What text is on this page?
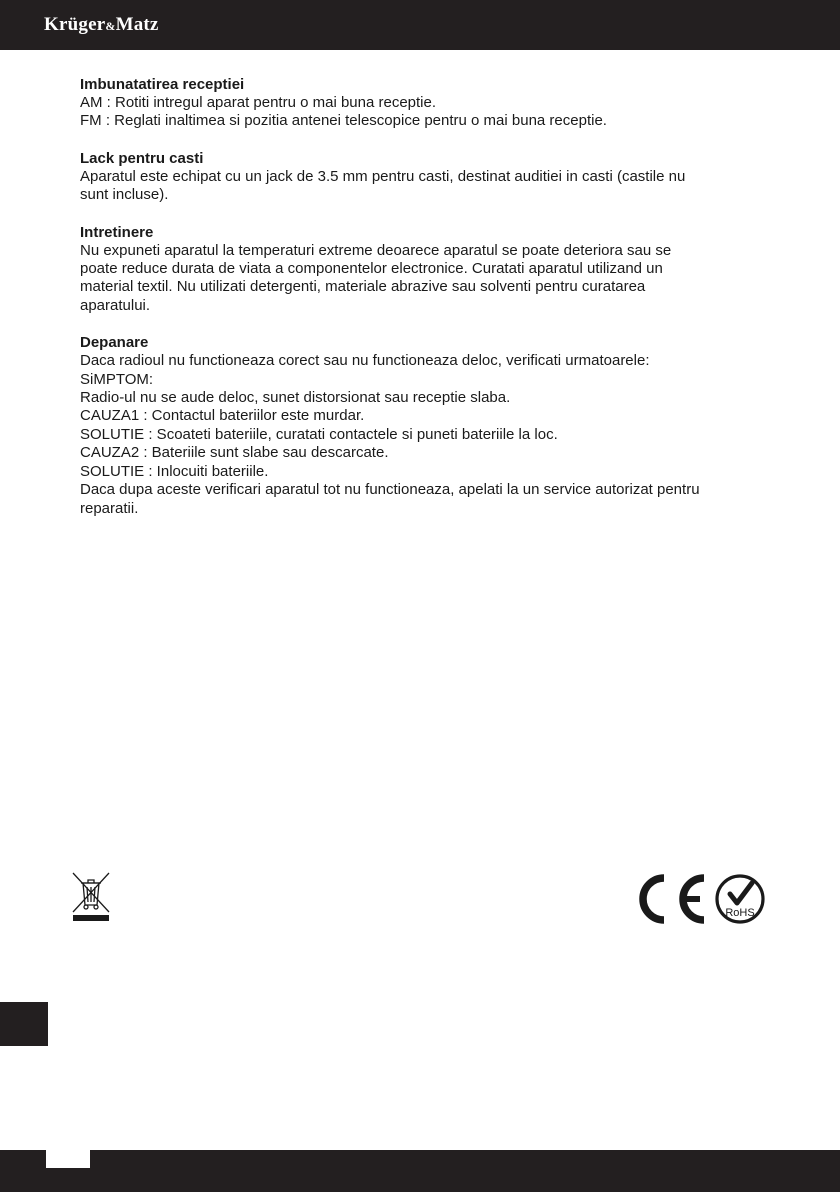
Krüger&Matz
Imbunatatirea receptiei

AM : Rotiti intregul aparat pentru o mai buna receptie.

FM : Reglati inaltimea si pozitia antenei telescopice pentru o mai buna receptie.

Lack pentru casti

Aparatul este echipat cu un jack de 3.5 mm pentru casti, destinat auditiei in casti (castile nu

sunt incluse).

Intretinere

Nu expuneti aparatul la temperaturi extreme deoarece aparatul se poate deteriora sau se

poate reduce durata de viata a componentelor electronice. Curatati aparatul utilizand un

material textil. Nu utilizati detergenti, materiale abrazive sau solventi pentru curatarea

aparatului.

Depanare

Daca radioul nu functioneaza corect sau nu functioneaza deloc, verificati urmatoarele:

SiMPTOM:

Radio-ul nu se aude deloc, sunet distorsionat sau receptie slaba.

CAUZA1 : Contactul bateriilor este murdar.

SOLUTIE : Scoateti bateriile, curatati contactele si puneti bateriile la loc.

CAUZA2 : Bateriile sunt slabe sau descarcate.

SOLUTIE : Inlocuiti bateriile.

Daca dupa aceste verificari aparatul tot nu functioneaza, apelati la un service autorizat pentru

reparatii.

RoHS
